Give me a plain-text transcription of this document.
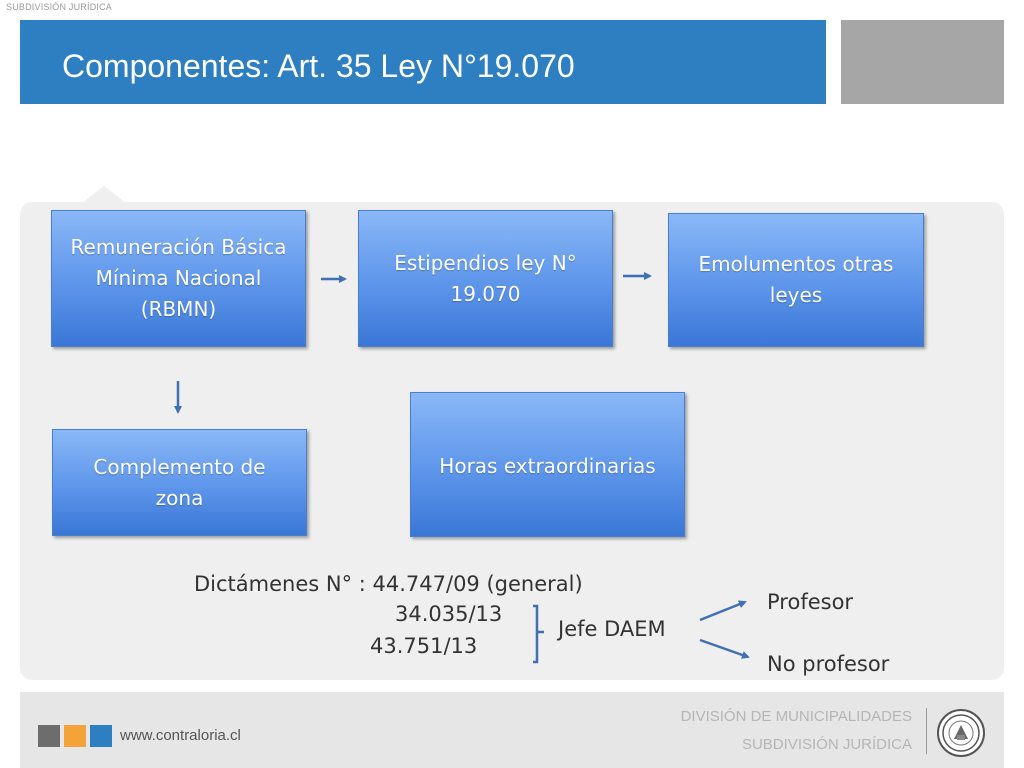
SUBDIVISIÓN JURÍDICA
Componentes: Art. 35 Ley N°19.070
Remuneración Básica
Mínima Nacional
(RBMN)
Estipendios ley N°
19.070
Emolumentos otras
leyes
Complemento de
zona
Horas extraordinarias
Dictámenes N° : 44.747/09 (general)
34.035/13
43.751/13
Jefe DAEM
Profesor
No profesor
www.contraloria.cl
DIVISIÓN DE MUNICIPALIDADES
SUBDIVISIÓN JURÍDICA
